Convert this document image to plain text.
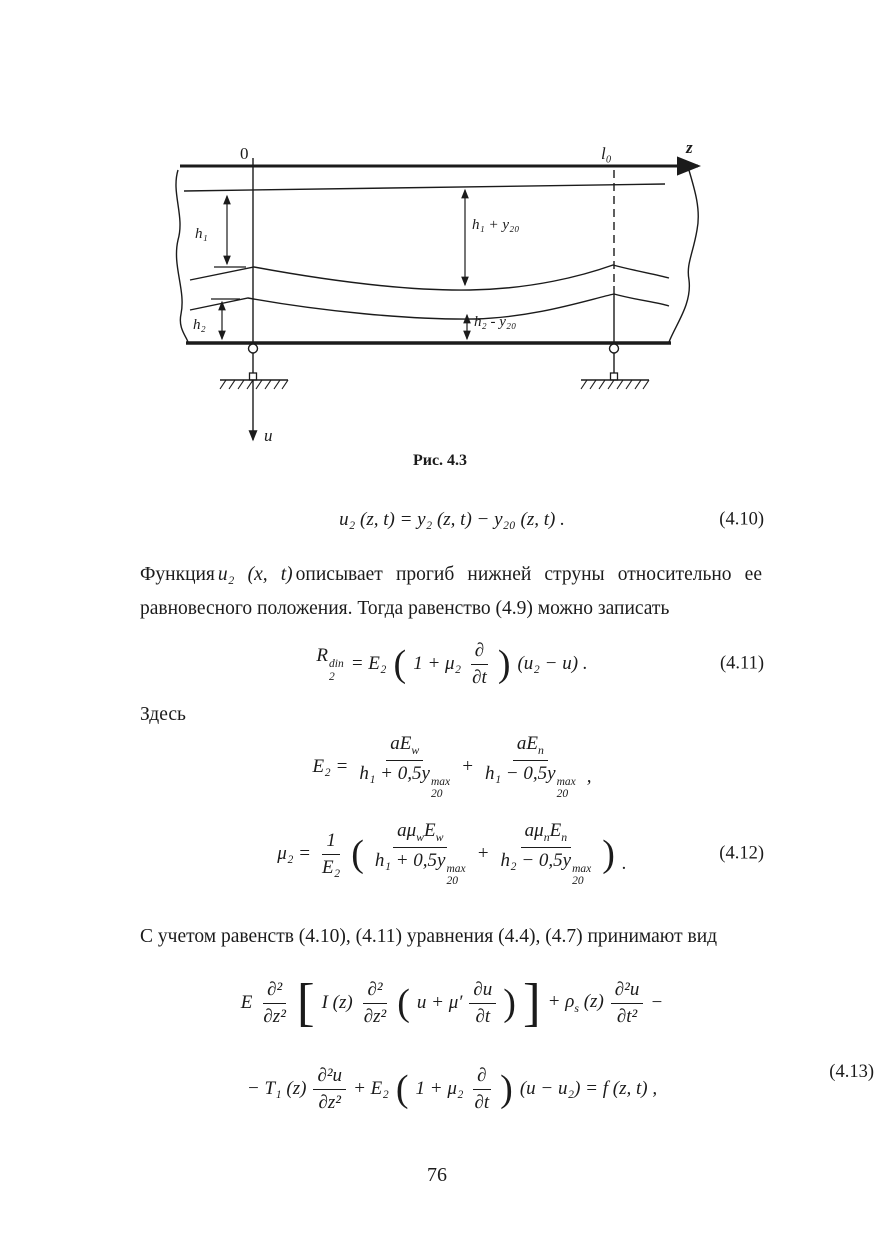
0	l₀	z
u
h₁
h₁ + y₂₀
h₂	h₂ - y₂₀
Рис. 4.3
u₂ (z, t) = y₂ (z, t) − y₂₀ (z, t) .	(4.10)

Функция u₂ (x, t) описывает прогиб нижней струны относительно ее равновесного положения. Тогда равенство (4.9) можно записать

R din
2
= E₂ ( $1 + \mu_2 \frac{\partial}{\partial t}$ ) (u₂ − u) .	(4.11)
Здесь
$E_2 = aE_w$
h₁ + 0,5y max
$20 + aE_n$
h₁ − 0,5y max
20 ,
$\mu_2 = \frac{1}{\text{E₂}}$ ( $a\mu_wE_w$
h₁ + 0,5y max
$20 + a\mu_nE_n$
h₂ − 0,5y max
20 ) .	(4.12)

С учетом равенств (4.10), (4.11) уравнения (4.4), (4.7) принимают вид

E $\frac{\text{∂²}}{\text{∂z²}}$ [ I $(z) \frac{\text{∂²}}{\text{∂z²}}$ ( $u + \mu' \frac{\partial u}{\partial t}$ ) ] + $\rho_s$ $(z) \frac{\text{∂²u}}{\text{∂t²}}$ −
− T₁ $(z) \frac{\text{∂²u}}{\text{∂z²}} + E_2$ ( $1 + \mu_2 \frac{\partial}{\partial t}$ ) (u − u₂) = f (z, t) ,
(4.13)
76
